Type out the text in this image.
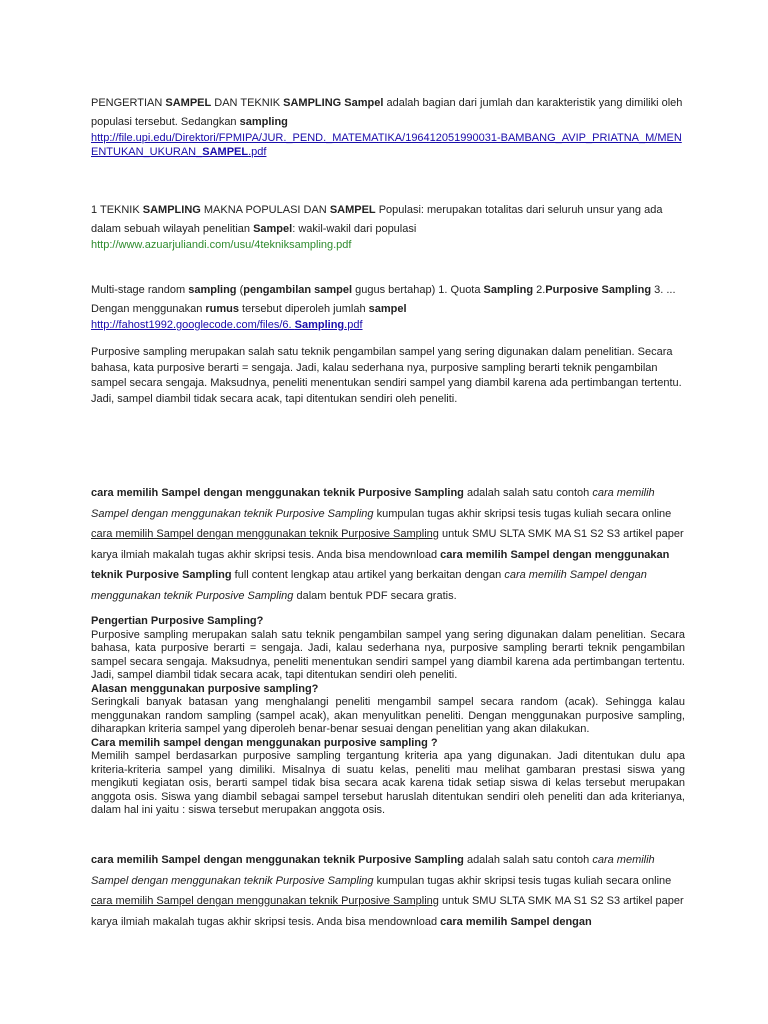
PENGERTIAN SAMPEL DAN TEKNIK SAMPLING Sampel adalah bagian dari jumlah dan karakteristik yang dimiliki oleh populasi tersebut. Sedangkan sampling

http://file.upi.edu/Direktori/FPMIPA/JUR._PEND._MATEMATIKA/196412051990031-BAMBANG_AVIP_PRIATNA_M/MENENTUKAN_UKURAN_SAMPEL.pdf

1 TEKNIK SAMPLING MAKNA POPULASI DAN SAMPEL Populasi: merupakan totalitas dari seluruh unsur yang ada dalam sebuah wilayah penelitian Sampel: wakil-wakil dari populasi

http://www.azuarjuliandi.com/usu/4tekniksampling.pdf

Multi-stage random sampling (pengambilan sampel gugus bertahap) 1. Quota Sampling 2.Purposive Sampling 3. ... Dengan menggunakan rumus tersebut diperoleh jumlah sampel

http://fahost1992.googlecode.com/files/6. Sampling.pdf

Purposive sampling merupakan salah satu teknik pengambilan sampel yang sering digunakan dalam penelitian. Secara bahasa, kata purposive berarti = sengaja. Jadi, kalau sederhana nya, purposive sampling berarti teknik pengambilan sampel secara sengaja. Maksudnya, peneliti menentukan sendiri sampel yang diambil karena ada pertimbangan tertentu. Jadi, sampel diambil tidak secara acak, tapi ditentukan sendiri oleh peneliti.

cara memilih Sampel dengan menggunakan teknik Purposive Sampling adalah salah satu contoh cara memilih Sampel dengan menggunakan teknik Purposive Sampling kumpulan tugas akhir skripsi tesis tugas kuliah secara online cara memilih Sampel dengan menggunakan teknik Purposive Sampling untuk SMU SLTA SMK MA S1 S2 S3 artikel paper karya ilmiah makalah tugas akhir skripsi tesis. Anda bisa mendownload cara memilih Sampel dengan menggunakan teknik Purposive Sampling full content lengkap atau artikel yang berkaitan dengan cara memilih Sampel dengan menggunakan teknik Purposive Sampling dalam bentuk PDF secara gratis.

Pengertian Purposive Sampling?

Purposive sampling merupakan salah satu teknik pengambilan sampel yang sering digunakan dalam penelitian. Secara bahasa, kata purposive berarti = sengaja. Jadi, kalau sederhana nya, purposive sampling berarti teknik pengambilan sampel secara sengaja. Maksudnya, peneliti menentukan sendiri sampel yang diambil karena ada pertimbangan tertentu. Jadi, sampel diambil tidak secara acak, tapi ditentukan sendiri oleh peneliti.

Alasan menggunakan purposive sampling?

Seringkali banyak batasan yang menghalangi peneliti mengambil sampel secara random (acak). Sehingga kalau menggunakan random sampling (sampel acak), akan menyulitkan peneliti. Dengan menggunakan purposive sampling, diharapkan kriteria sampel yang diperoleh benar-benar sesuai dengan penelitian yang akan dilakukan.

Cara memilih sampel dengan menggunakan purposive sampling ?

Memilih sampel berdasarkan purposive sampling tergantung kriteria apa yang digunakan. Jadi ditentukan dulu apa kriteria-kriteria sampel yang dimiliki. Misalnya di suatu kelas, peneliti mau melihat gambaran prestasi siswa yang mengikuti kegiatan osis, berarti sampel tidak bisa secara acak karena tidak setiap siswa di kelas tersebut merupakan anggota osis. Siswa yang diambil sebagai sampel tersebut haruslah ditentukan sendiri oleh peneliti dan ada kriterianya, dalam hal ini yaitu : siswa tersebut merupakan anggota osis.

cara memilih Sampel dengan menggunakan teknik Purposive Sampling adalah salah satu contoh cara memilih Sampel dengan menggunakan teknik Purposive Sampling kumpulan tugas akhir skripsi tesis tugas kuliah secara online cara memilih Sampel dengan menggunakan teknik Purposive Sampling untuk SMU SLTA SMK MA S1 S2 S3 artikel paper karya ilmiah makalah tugas akhir skripsi tesis. Anda bisa mendownload cara memilih Sampel dengan
